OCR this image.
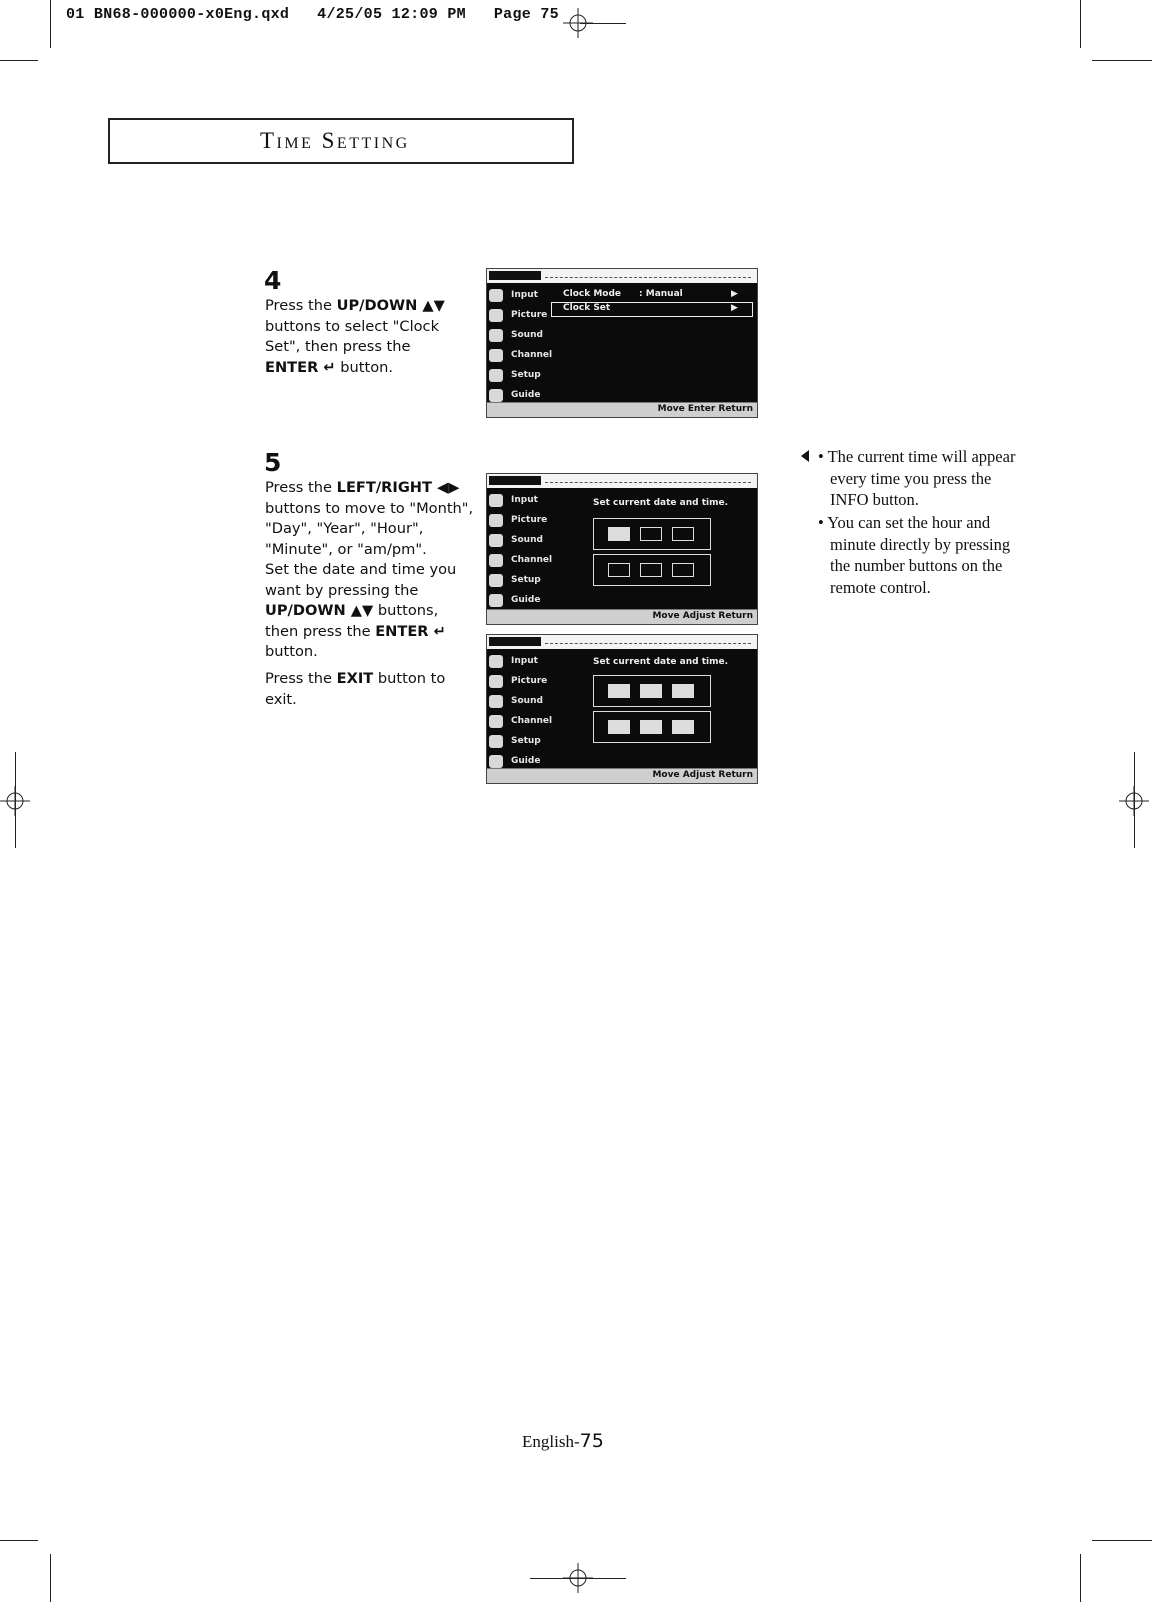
01 BN68-000000-x0Eng.qxd   4/25/05 12:09 PM   Page 75
Time Setting
4
Press the UP/DOWN ▲▼
buttons to select "Clock
Set", then press the
ENTER ↵ button.
Input
Picture
Sound
Channel
Setup
Guide
Clock Mode : Manual	▶
Clock Set	▶
Move Enter Return
5
Press the LEFT/RIGHT ◀▶
buttons to move to "Month",
"Day", "Year", "Hour",
"Minute", or "am/pm".
Set the date and time you
want by pressing the
UP/DOWN ▲▼ buttons,
then press the ENTER ↵
button.
Press the EXIT button to
exit.
Input
Picture
Sound
Channel
Setup
Guide
Set current date and time.
Move Adjust Return
Input
Picture
Sound
Channel
Setup
Guide
Set current date and time.
Move Adjust Return
• The current time will appear
every time you press the
INFO button.
• You can set the hour and
minute directly by pressing
the number buttons on the
remote control.
English-75
